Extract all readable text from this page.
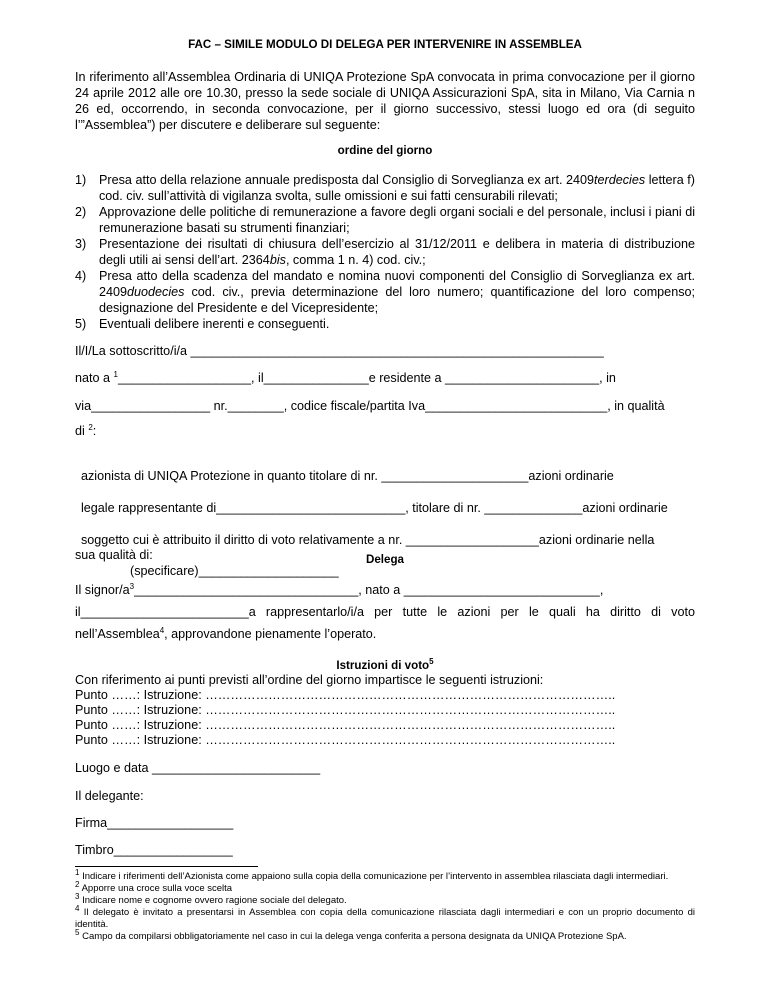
FAC – SIMILE MODULO DI DELEGA PER INTERVENIRE IN ASSEMBLEA
In riferimento all’Assemblea Ordinaria di UNIQA Protezione SpA convocata in prima convocazione per il giorno 24 aprile 2012 alle ore 10.30, presso la sede sociale di UNIQA Assicurazioni SpA, sita in Milano, Via Carnia n 26 ed, occorrendo, in seconda convocazione, per il giorno successivo, stessi luogo ed ora (di seguito l’”Assemblea”) per discutere e deliberare sul seguente:
ordine del giorno
1) Presa atto della relazione annuale predisposta dal Consiglio di Sorveglianza ex art. 2409terdecies lettera f) cod. civ. sull’attività di vigilanza svolta, sulle omissioni e sui fatti censurabili rilevati;
2) Approvazione delle politiche di remunerazione a favore degli organi sociali e del personale, inclusi i piani di remunerazione basati su strumenti finanziari;
3) Presentazione dei risultati di chiusura dell’esercizio al 31/12/2011 e delibera in materia di distribuzione degli utili ai sensi dell’art. 2364bis, comma 1 n. 4) cod. civ.;
4) Presa atto della scadenza del mandato e nomina nuovi componenti del Consiglio di Sorveglianza ex art. 2409duodecies cod. civ., previa determinazione del loro numero; quantificazione del loro compenso; designazione del Presidente e del Vicepresidente;
5) Eventuali delibere inerenti e conseguenti.
Il/I/La sottoscritto/i/a ___________________________________________________________
nato a $^1$___________________, il_______________e residente a ______________________, in
via_________________ nr.________, codice fiscale/partita Iva__________________________, in qualità
di $^2$:
azionista di UNIQA Protezione in quanto titolare di nr. _____________________azioni ordinarie
legale rappresentante di___________________________, titolare di nr. ______________azioni ordinarie
soggetto cui è attribuito il diritto di voto relativamente a nr. ___________________azioni ordinarie nella
sua qualità di:
(specificare)____________________
Delega
Il signor/$a^3\_\_\_\_\_\_\_\_\_\_\_\_\_\_\_\_\_\_\_\_\_\_\_\_\_\_\_\_\_\_\_\_$, nato a ____________________________,
il________________________a rappresentarlo/i/a per tutte le azioni per le quali ha diritto di voto
nell’Assemblea$^4$, approvandone pienamente l’operato.
Istruzioni di voto$^5$
Con riferimento ai punti previsti all’ordine del giorno impartisce le seguenti istruzioni:
Punto ……: Istruzione: ……………………………………………………………………………………..
Punto ……: Istruzione: ……………………………………………………………………………………..
Punto ……: Istruzione: ……………………………………………………………………………………..
Punto ……: Istruzione: ……………………………………………………………………………………..
Luogo e data ________________________
Il delegante:
Firma__________________
Timbro_________________
$^1$ Indicare i riferimenti dell’Azionista come appaiono sulla copia della comunicazione per l’intervento in assemblea rilasciata dagli intermediari.
$^2$ Apporre una croce sulla voce scelta
$^3$ Indicare nome e cognome ovvero ragione sociale del delegato.
$^4$ Il delegato è invitato a presentarsi in Assemblea con copia della comunicazione rilasciata dagli intermediari e con un proprio documento di identità.
$^5$ Campo da compilarsi obbligatoriamente nel caso in cui la delega venga conferita a persona designata da UNIQA Protezione SpA.
